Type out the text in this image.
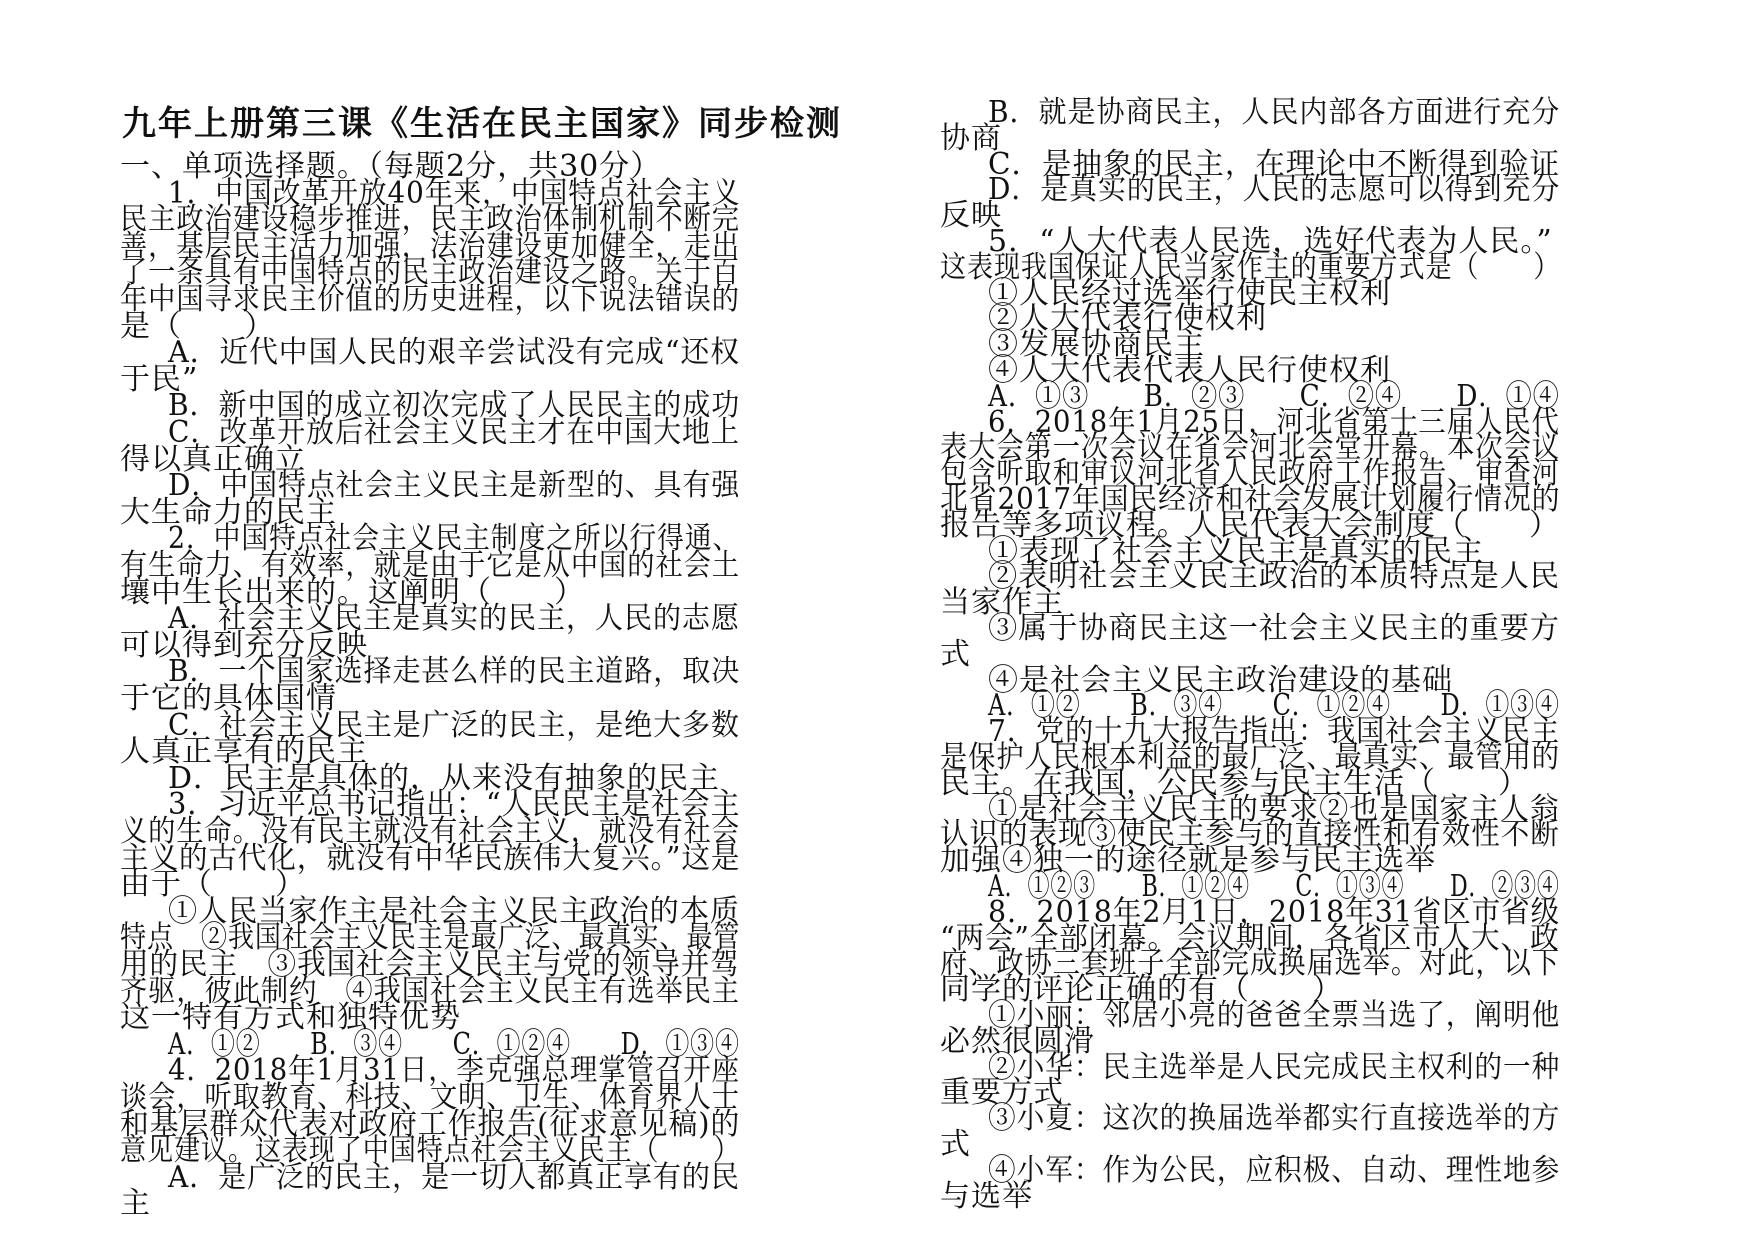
九年上册第三课《生活在民主国家》同步检测
一、单项选择题。（每题2分，共30分）
1．中国改革开放40年来，中国特点社会主义
民主政治建设稳步推进，民主政治体制机制不断完
善，基层民主活力加强，法治建设更加健全，走出
了一条具有中国特点的民主政治建设之路。关于百
年中国寻求民主价值的历史进程，以下说法错误的
是（　　）
A．近代中国人民的艰辛尝试没有完成“还权
于民”
B．新中国的成立初次完成了人民民主的成功
C．改革开放后社会主义民主才在中国大地上
得以真正确立
D．中国特点社会主义民主是新型的、具有强
大生命力的民主
2．中国特点社会主义民主制度之所以行得通、
有生命力、有效率，就是由于它是从中国的社会土
壤中生长出来的。这阐明（　　）
A．社会主义民主是真实的民主，人民的志愿
可以得到充分反映
B．一个国家选择走甚么样的民主道路，取决
于它的具体国情
C．社会主义民主是广泛的民主，是绝大多数
人真正享有的民主
D．民主是具体的，从来没有抽象的民主
3．习近平总书记指出：“人民民主是社会主
义的生命。没有民主就没有社会主义，就没有社会
主义的古代化，就没有中华民族伟大复兴。”这是
由于（　　）
①人民当家作主是社会主义民主政治的本质
特点　②我国社会主义民主是最广泛、最真实、最管
用的民主　③我国社会主义民主与党的领导并驾
齐驱，彼此制约　④我国社会主义民主有选举民主
这一特有方式和独特优势
A．①②　　B．③④　　C．①②④　　D．①③④
4．2018年1月31日，李克强总理掌管召开座
谈会，听取教育、科技、文明、卫生、体育界人士
和基层群众代表对政府工作报告(征求意见稿)的
意见建议。这表现了中国特点社会主义民主（　　）
A．是广泛的民主，是一切人都真正享有的民
主
B．就是协商民主，人民内部各方面进行充分
协商
C．是抽象的民主，在理论中不断得到验证
D．是真实的民主，人民的志愿可以得到充分
反映
5．“人大代表人民选，选好代表为人民。”
这表现我国保证人民当家作主的重要方式是（　　）
①人民经过选举行使民主权利
②人大代表行使权利
③发展协商民主
④人大代表代表人民行使权利
A．①③　　B．②③　　C．②④　　D．①④
6．2018年1月25日，河北省第十三届人民代
表大会第一次会议在省会河北会堂开幕。本次会议
包含听取和审议河北省人民政府工作报告、审查河
北省2017年国民经济和社会发展计划履行情况的
报告等多项议程。人民代表大会制度（　　）
①表现了社会主义民主是真实的民主
②表明社会主义民主政治的本质特点是人民
当家作主
③属于协商民主这一社会主义民主的重要方
式
④是社会主义民主政治建设的基础
A．①②　　B．③④　　C．①②④　　D．①③④
7．党的十九大报告指出：我国社会主义民主
是保护人民根本利益的最广泛、最真实、最管用的
民主。在我国，公民参与民主生活（　　）
①是社会主义民主的要求②也是国家主人翁
认识的表现③使民主参与的直接性和有效性不断
加强④独一的途径就是参与民主选举
A．①②③　　B．①②④　　C．①③④　　D．②③④
8．2018年2月1日，2018年31省区市省级
“两会”全部闭幕。会议期间，各省区市人大、政
府、政协三套班子全部完成换届选举。对此，以下
同学的评论正确的有（　　）
①小丽：邻居小亮的爸爸全票当选了，阐明他
必然很圆滑
②小华：民主选举是人民完成民主权利的一种
重要方式
③小夏：这次的换届选举都实行直接选举的方
式
④小军：作为公民，应积极、自动、理性地参
与选举
